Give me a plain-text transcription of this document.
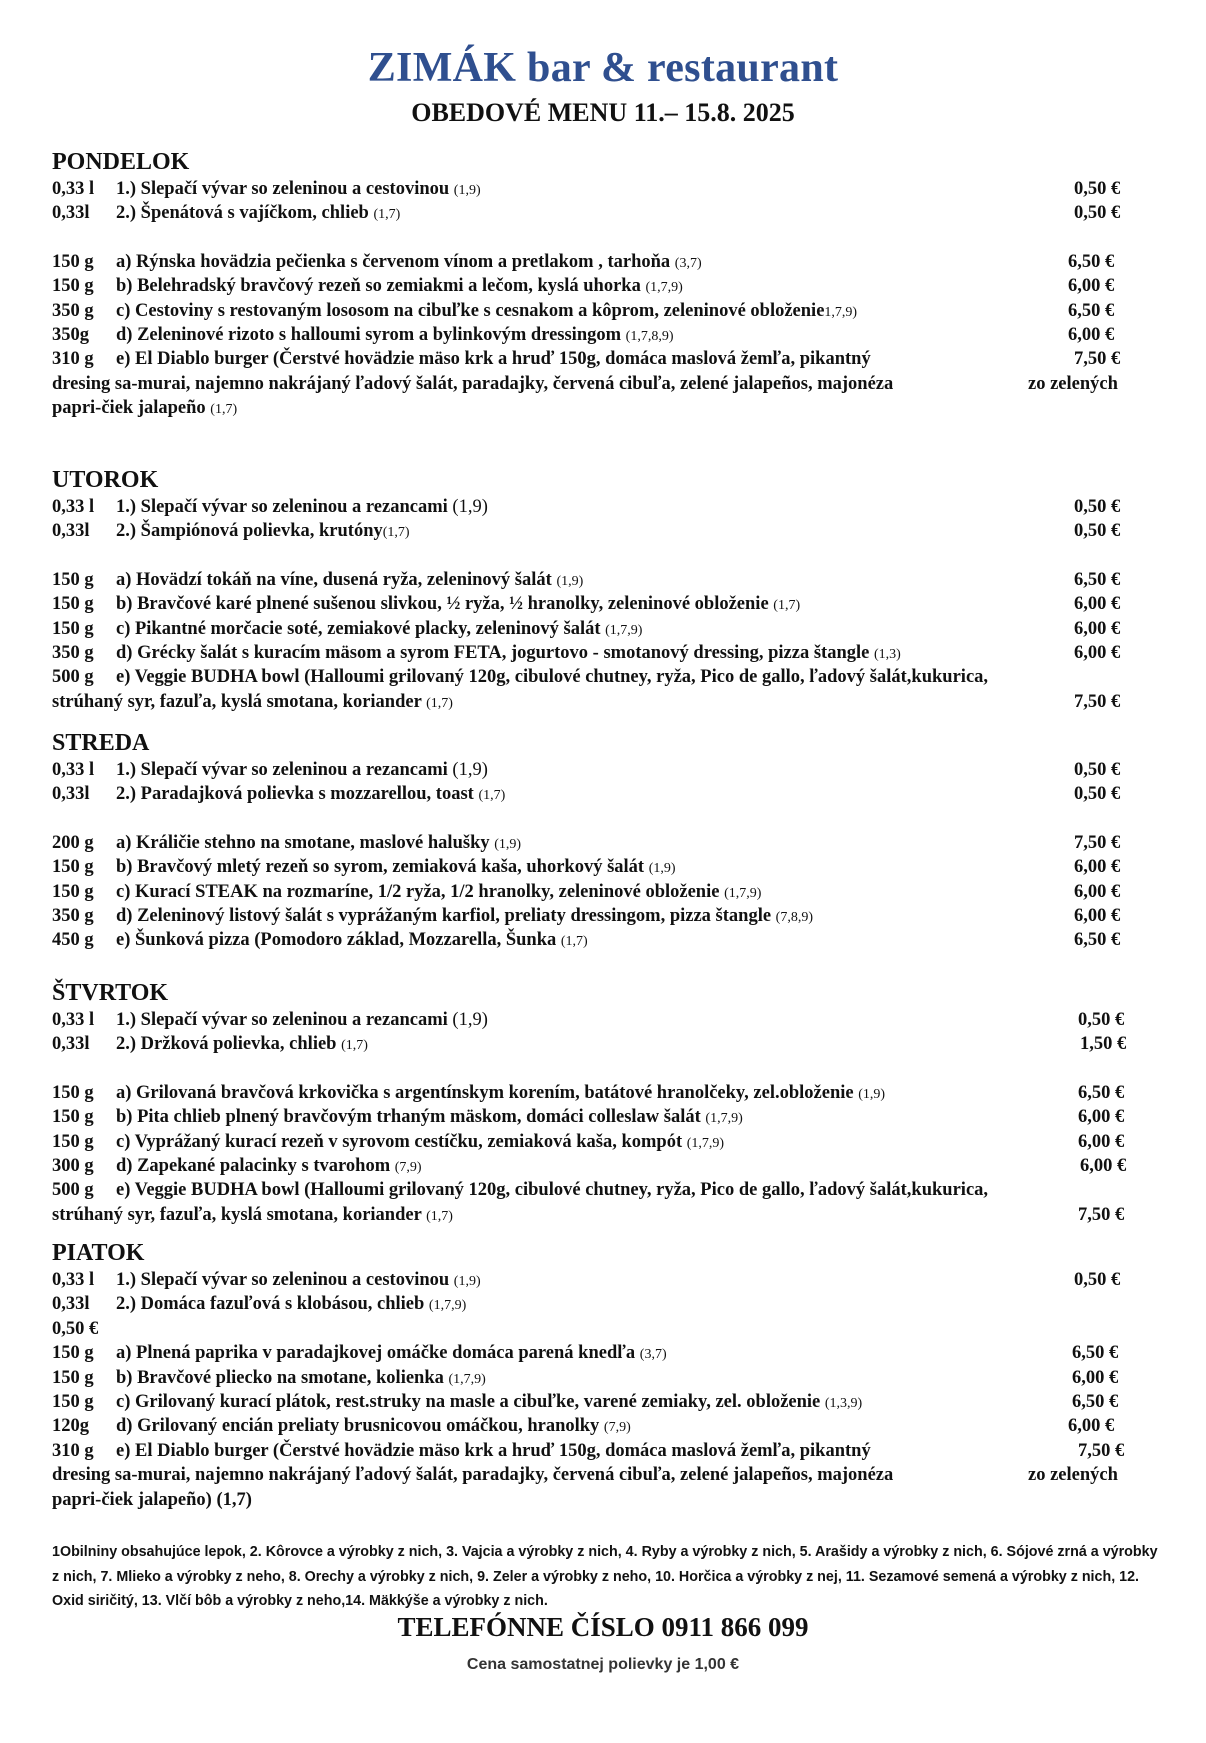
ZIMÁK bar & restaurant
OBEDOVÉ MENU 11.– 15.8. 2025
PONDELOK
0,33 l 1.) Slepačí vývar so zeleninou a cestovinou (1,9)	0,50 €
0,33l 2.) Špenátová s vajíčkom, chlieb (1,7)	0,50 €
150 g a) Rýnska hovädzia pečienka s červenom vínom a pretlakom , tarhoňa (3,7)	6,50 €
150 g b) Belehradský bravčový rezeň so zemiakmi a lečom, kyslá uhorka (1,7,9)	6,00 €
350 g c) Cestoviny s restovaným lososom na cibuľke s cesnakom a kôprom, zeleninové obloženie1,7,9)	6,50 €
350g d) Zeleninové rizoto s halloumi syrom a bylinkovým dressingom (1,7,8,9)	6,00 €
310 g e) El Diablo burger (Čerstvé hovädzie mäso krk a hruď 150g, domáca maslová žemľa, pikantný	7,50 €
dresing sa-murai, najemno nakrájaný ľadový šalát, paradajky, červená cibuľa, zelené jalapeños, majonéza	zo zelených
papri-čiek jalapeño (1,7)
UTOROK
0,33 l 1.) Slepačí vývar so zeleninou a rezancami (1,9)	0,50 €
0,33l 2.) Šampiónová polievka, krutóny(1,7)	0,50 €
150 g a) Hovädzí tokáň na víne, dusená ryža, zeleninový šalát (1,9)	6,50 €
150 g b) Bravčové karé plnené sušenou slivkou, ½ ryža, ½ hranolky, zeleninové obloženie (1,7)	6,00 €
150 g c) Pikantné morčacie soté, zemiakové placky, zeleninový šalát (1,7,9)	6,00 €
350 g d) Grécky šalát s kuracím mäsom a syrom FETA, jogurtovo - smotanový dressing, pizza štangle (1,3)	6,00 €
500 g e) Veggie BUDHA bowl (Halloumi grilovaný 120g, cibulové chutney, ryža, Pico de gallo, ľadový šalát,kukurica,
strúhaný syr, fazuľa, kyslá smotana, koriander (1,7)	7,50 €
STREDA
0,33 l 1.) Slepačí vývar so zeleninou a rezancami (1,9)	0,50 €
0,33l 2.) Paradajková polievka s mozzarellou, toast (1,7)	0,50 €
200 g a) Králičie stehno na smotane, maslové halušky (1,9)	7,50 €
150 g b) Bravčový mletý rezeň so syrom, zemiaková kaša, uhorkový šalát (1,9)	6,00 €
150 g c) Kurací STEAK na rozmaríne, 1/2 ryža, 1/2 hranolky, zeleninové obloženie (1,7,9)	6,00 €
350 g d) Zeleninový listový šalát s vyprážaným karfiol, preliaty dressingom, pizza štangle (7,8,9)	6,00 €
450 g e) Šunková pizza (Pomodoro základ, Mozzarella, Šunka (1,7)	6,50 €
ŠTVRTOK
0,33 l 1.) Slepačí vývar so zeleninou a rezancami (1,9)	0,50 €
0,33l 2.) Držková polievka, chlieb (1,7)	1,50 €
150 g a) Grilovaná bravčová krkovička s argentínskym korením, batátové hranolčeky, zel.obloženie (1,9)	6,50 €
150 g b) Pita chlieb plnený bravčovým trhaným mäskom, domáci colleslaw šalát (1,7,9)	6,00 €
150 g c) Vyprážaný kurací rezeň v syrovom cestíčku, zemiaková kaša, kompót (1,7,9)	6,00 €
300 g d) Zapekané palacinky s tvarohom (7,9)	6,00 €
500 g e) Veggie BUDHA bowl (Halloumi grilovaný 120g, cibulové chutney, ryža, Pico de gallo, ľadový šalát,kukurica,
strúhaný syr, fazuľa, kyslá smotana, koriander (1,7)	7,50 €
PIATOK
0,33 l 1.) Slepačí vývar so zeleninou a cestovinou (1,9)	0,50 €
0,33l 2.) Domáca fazuľová s klobásou, chlieb (1,7,9)
0,50 €
150 g a) Plnená paprika v paradajkovej omáčke domáca parená knedľa (3,7)	6,50 €
150 g b) Bravčové pliecko na smotane, kolienka (1,7,9)	6,00 €
150 g c) Grilovaný kurací plátok, rest.struky na masle a cibuľke, varené zemiaky, zel. obloženie (1,3,9)	6,50 €
120g d) Grilovaný encián preliaty brusnicovou omáčkou, hranolky (7,9)	6,00 €
310 g e) El Diablo burger (Čerstvé hovädzie mäso krk a hruď 150g, domáca maslová žemľa, pikantný	7,50 €
dresing sa-murai, najemno nakrájaný ľadový šalát, paradajky, červená cibuľa, zelené jalapeños, majonéza	zo zelených
papri-čiek jalapeño) (1,7)
1Obilniny obsahujúce lepok, 2. Kôrovce a výrobky z nich, 3. Vajcia a výrobky z nich, 4. Ryby a výrobky z nich, 5. Arašidy a výrobky z nich, 6. Sójové zrná a výrobky z nich, 7. Mlieko a výrobky z neho, 8. Orechy a výrobky z nich, 9. Zeler a výrobky z neho, 10. Horčica a výrobky z nej, 11. Sezamové semená a výrobky z nich, 12. Oxid siričitý, 13. Vlčí bôb a výrobky z neho,14. Mäkkýše a výrobky z nich.
TELEFÓNNE ČÍSLO 0911 866 099
Cena samostatnej polievky je 1,00 €
